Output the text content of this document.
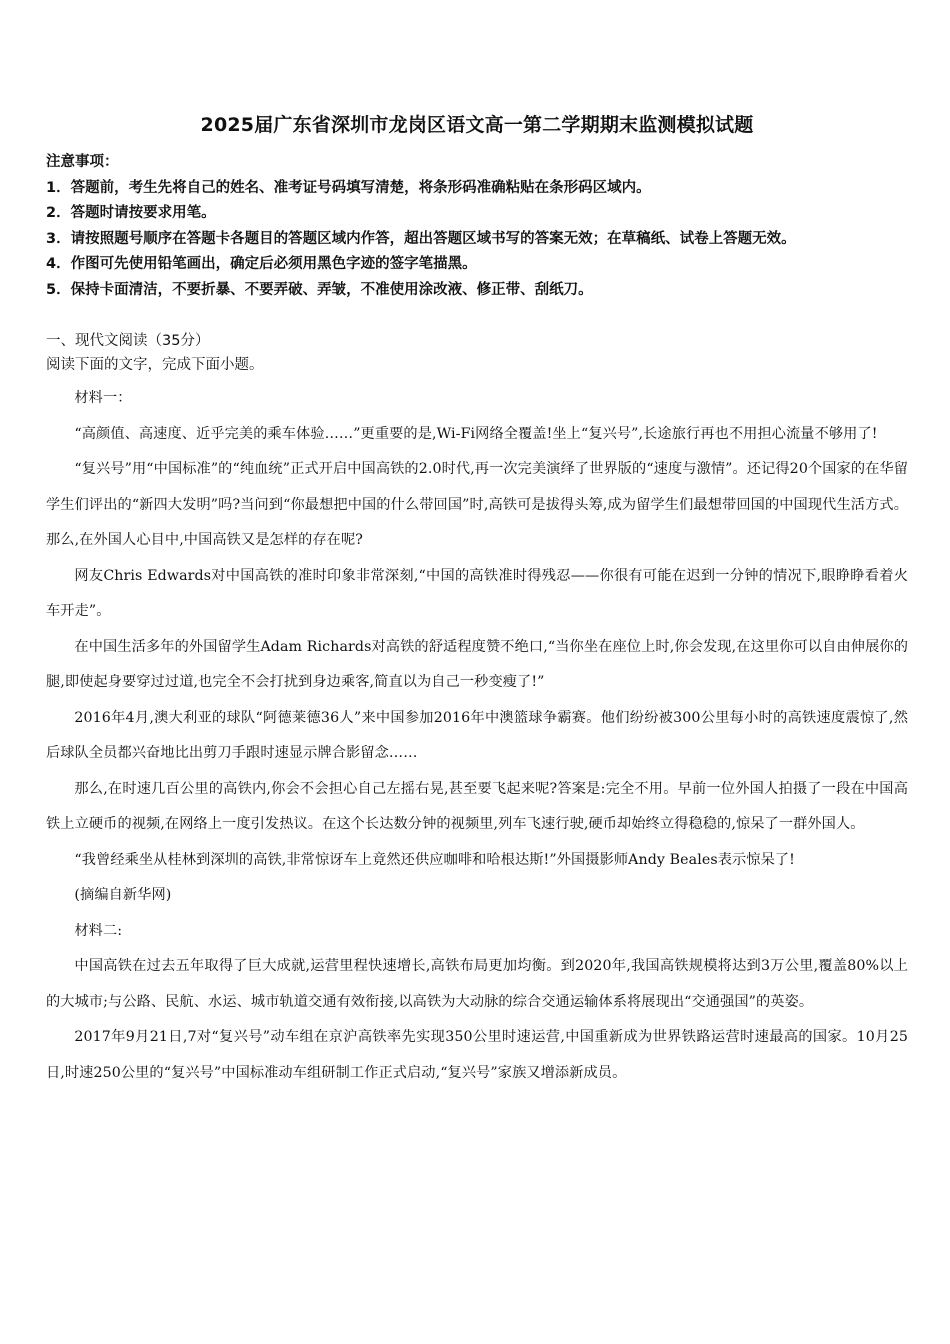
2025届广东省深圳市龙岗区语文高一第二学期期末监测模拟试题
注意事项：
1．答题前，考生先将自己的姓名、准考证号码填写清楚，将条形码准确粘贴在条形码区域内。
2．答题时请按要求用笔。
3．请按照题号顺序在答题卡各题目的答题区域内作答，超出答题区域书写的答案无效；在草稿纸、试卷上答题无效。
4．作图可先使用铅笔画出，确定后必须用黑色字迹的签字笔描黑。
5．保持卡面清洁，不要折暴、不要弄破、弄皱，不准使用涂改液、修正带、刮纸刀。
一、现代文阅读（35分）
阅读下面的文字，完成下面小题。

材料一：

“高颜值、高速度、近乎完美的乘车体验……”更重要的是,Wi-Fi网络全覆盖!坐上“复兴号”,长途旅行再也不用担心流量不够用了!

“复兴号”用“中国标准”的“纯血统”正式开启中国高铁的2.0时代,再一次完美演绎了世界版的“速度与激情”。还记得20个国家的在华留学生们评出的“新四大发明”吗?当问到“你最想把中国的什么带回国”时,高铁可是拔得头筹,成为留学生们最想带回国的中国现代生活方式。那么,在外国人心目中,中国高铁又是怎样的存在呢?

网友Chris Edwards对中国高铁的准时印象非常深刻,“中国的高铁准时得残忍——你很有可能在迟到一分钟的情况下,眼睁睁看着火车开走”。

在中国生活多年的外国留学生Adam Richards对高铁的舒适程度赞不绝口,“当你坐在座位上时,你会发现,在这里你可以自由伸展你的腿,即使起身要穿过过道,也完全不会打扰到身边乘客,简直以为自己一秒变瘦了!”

2016年4月,澳大利亚的球队“阿德莱德36人”来中国参加2016年中澳篮球争霸赛。他们纷纷被300公里每小时的高铁速度震惊了,然后球队全员都兴奋地比出剪刀手跟时速显示牌合影留念……

那么,在时速几百公里的高铁内,你会不会担心自己左摇右晃,甚至要飞起来呢?答案是:完全不用。早前一位外国人拍摄了一段在中国高铁上立硬币的视频,在网络上一度引发热议。在这个长达数分钟的视频里,列车飞速行驶,硬币却始终立得稳稳的,惊呆了一群外国人。

“我曾经乘坐从桂林到深圳的高铁,非常惊讶车上竟然还供应咖啡和哈根达斯!”外国摄影师Andy Beales表示惊呆了!

(摘编自新华网)

材料二:

中国高铁在过去五年取得了巨大成就,运营里程快速增长,高铁布局更加均衡。到2020年,我国高铁规模将达到3万公里,覆盖80%以上的大城市;与公路、民航、水运、城市轨道交通有效衔接,以高铁为大动脉的综合交通运输体系将展现出“交通强国”的英姿。

2017年9月21日,7对“复兴号”动车组在京沪高铁率先实现350公里时速运营,中国重新成为世界铁路运营时速最高的国家。10月25日,时速250公里的“复兴号”中国标准动车组研制工作正式启动,“复兴号”家族又增添新成员。
